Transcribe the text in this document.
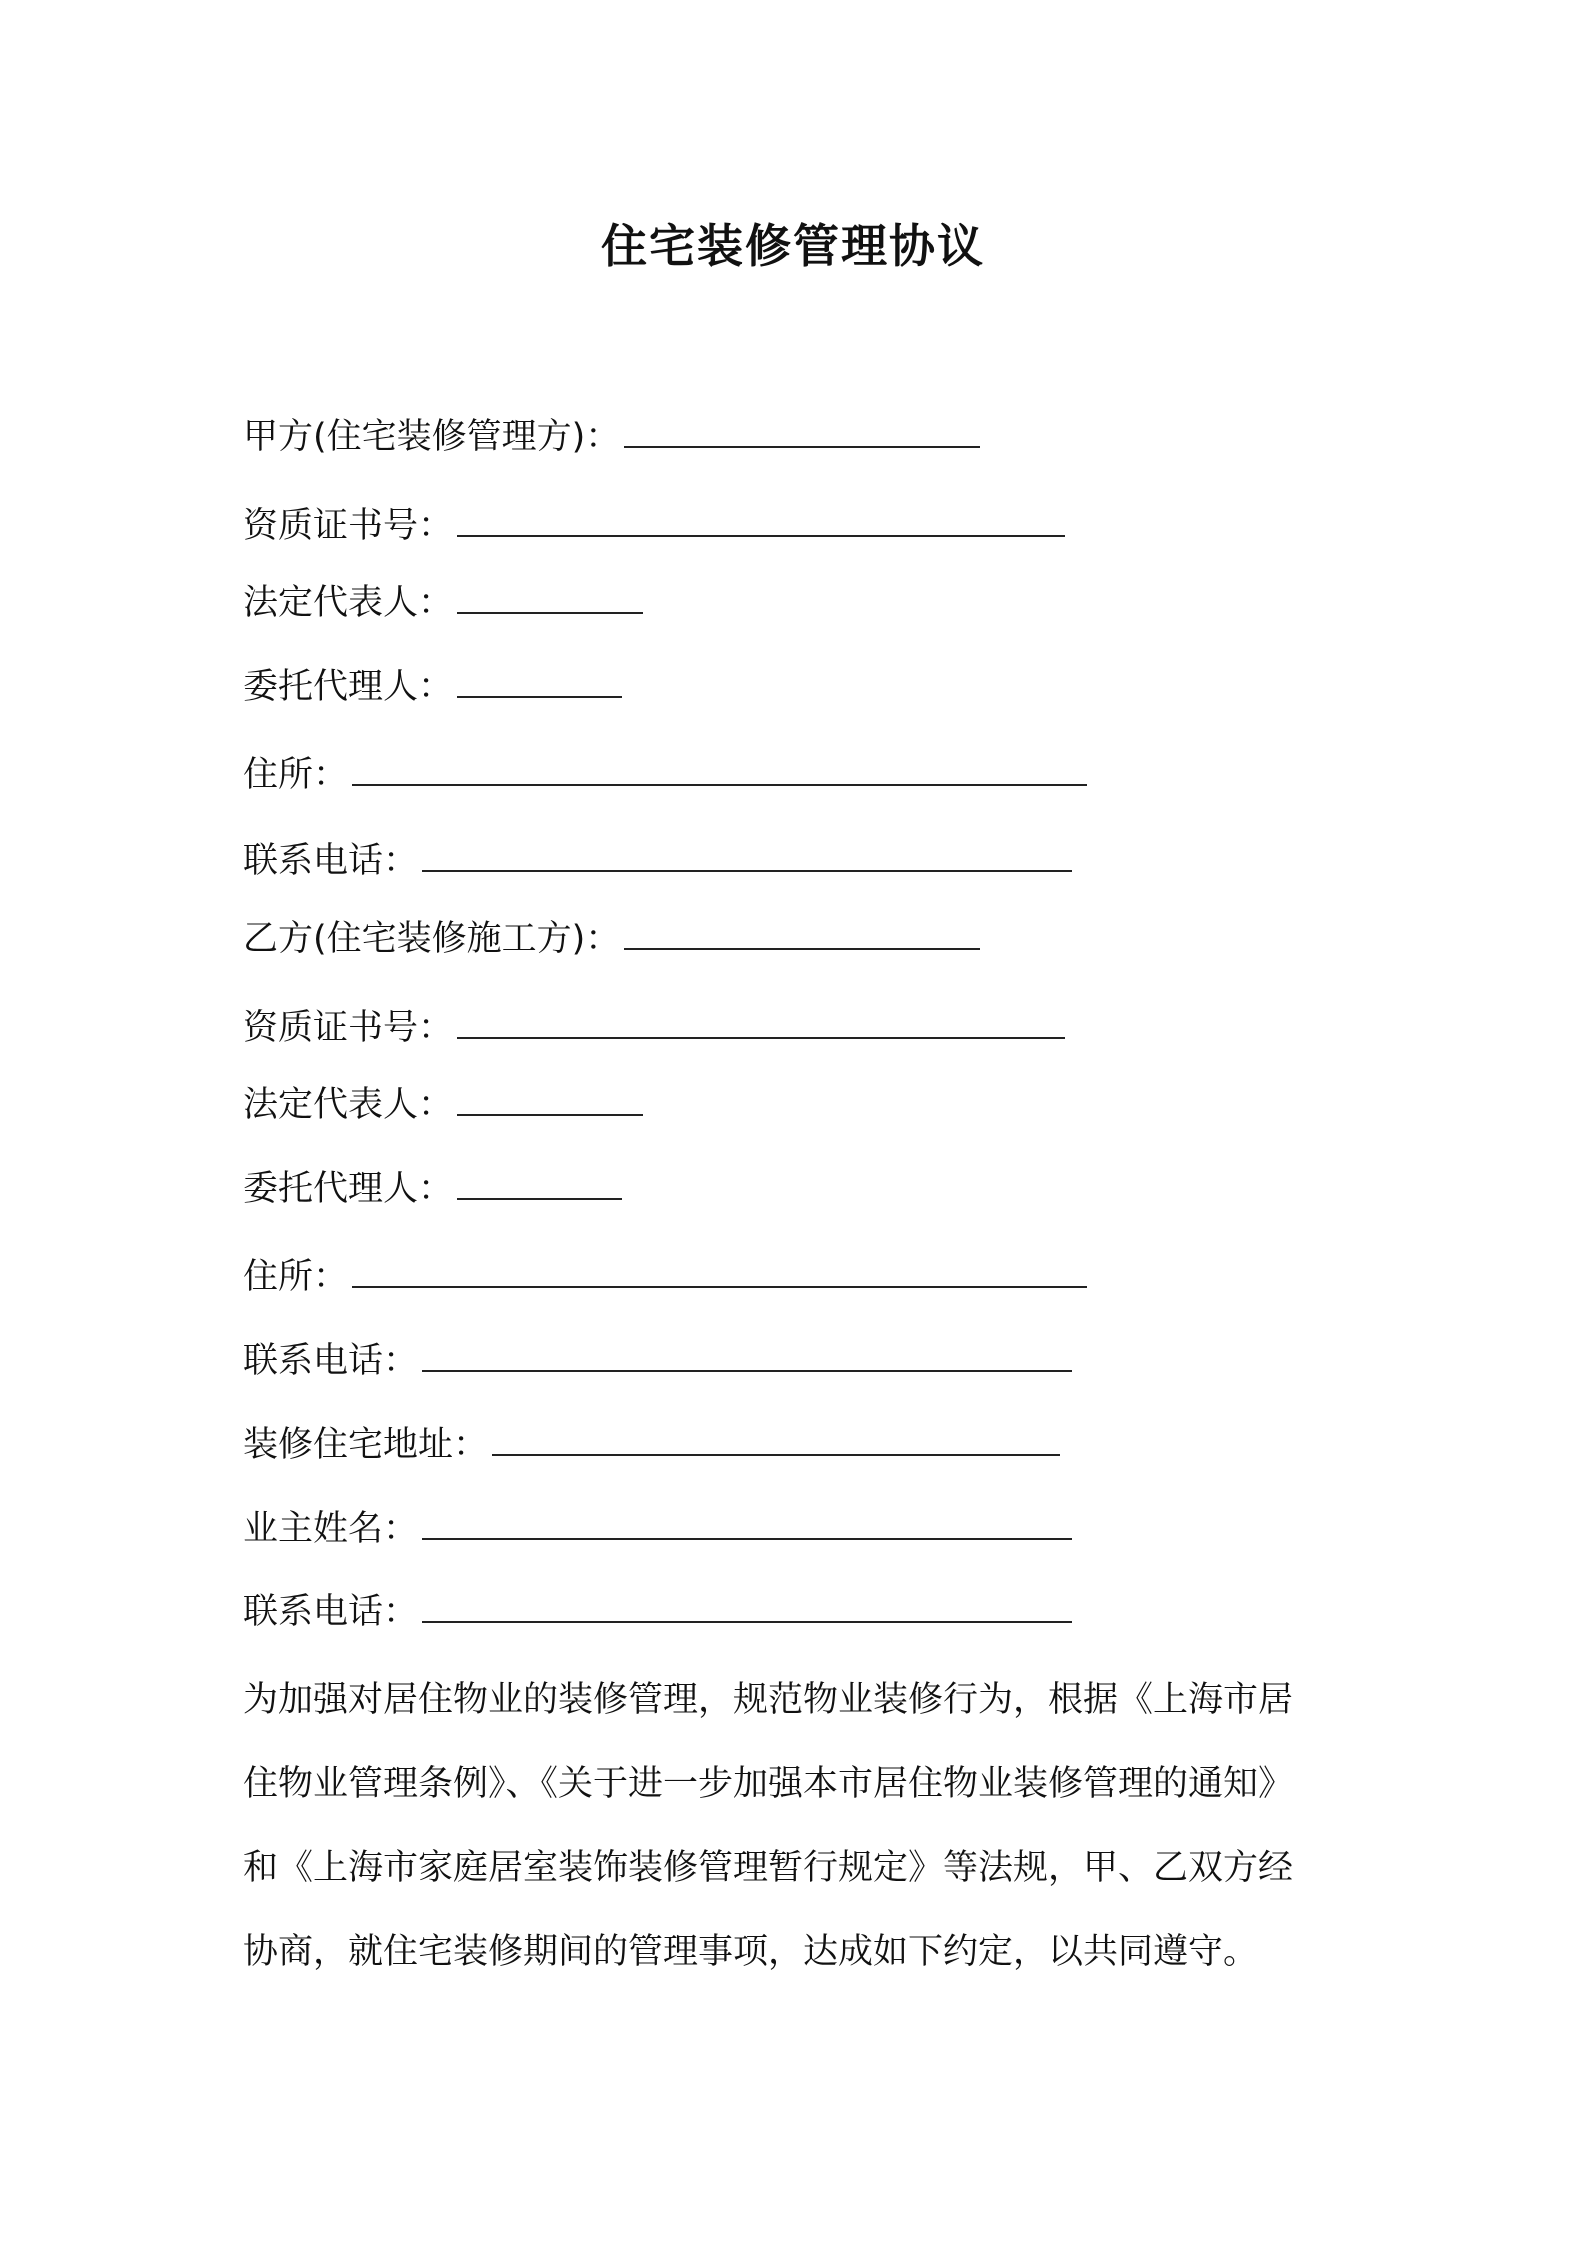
住宅装修管理协议
甲方(住宅装修管理方)：
资质证书号：
法定代表人：
委托代理人：
住所：
联系电话：
乙方(住宅装修施工方)：
资质证书号：
法定代表人：
委托代理人：
住所：
联系电话：
装修住宅地址：
业主姓名：
联系电话：
为加强对居住物业的装修管理，规范物业装修行为，根据《上海市居
住物业管理条例》、《关于进一步加强本市居住物业装修管理的通知》
和《上海市家庭居室装饰装修管理暂行规定》等法规，甲、乙双方经
协商，就住宅装修期间的管理事项，达成如下约定，以共同遵守。
